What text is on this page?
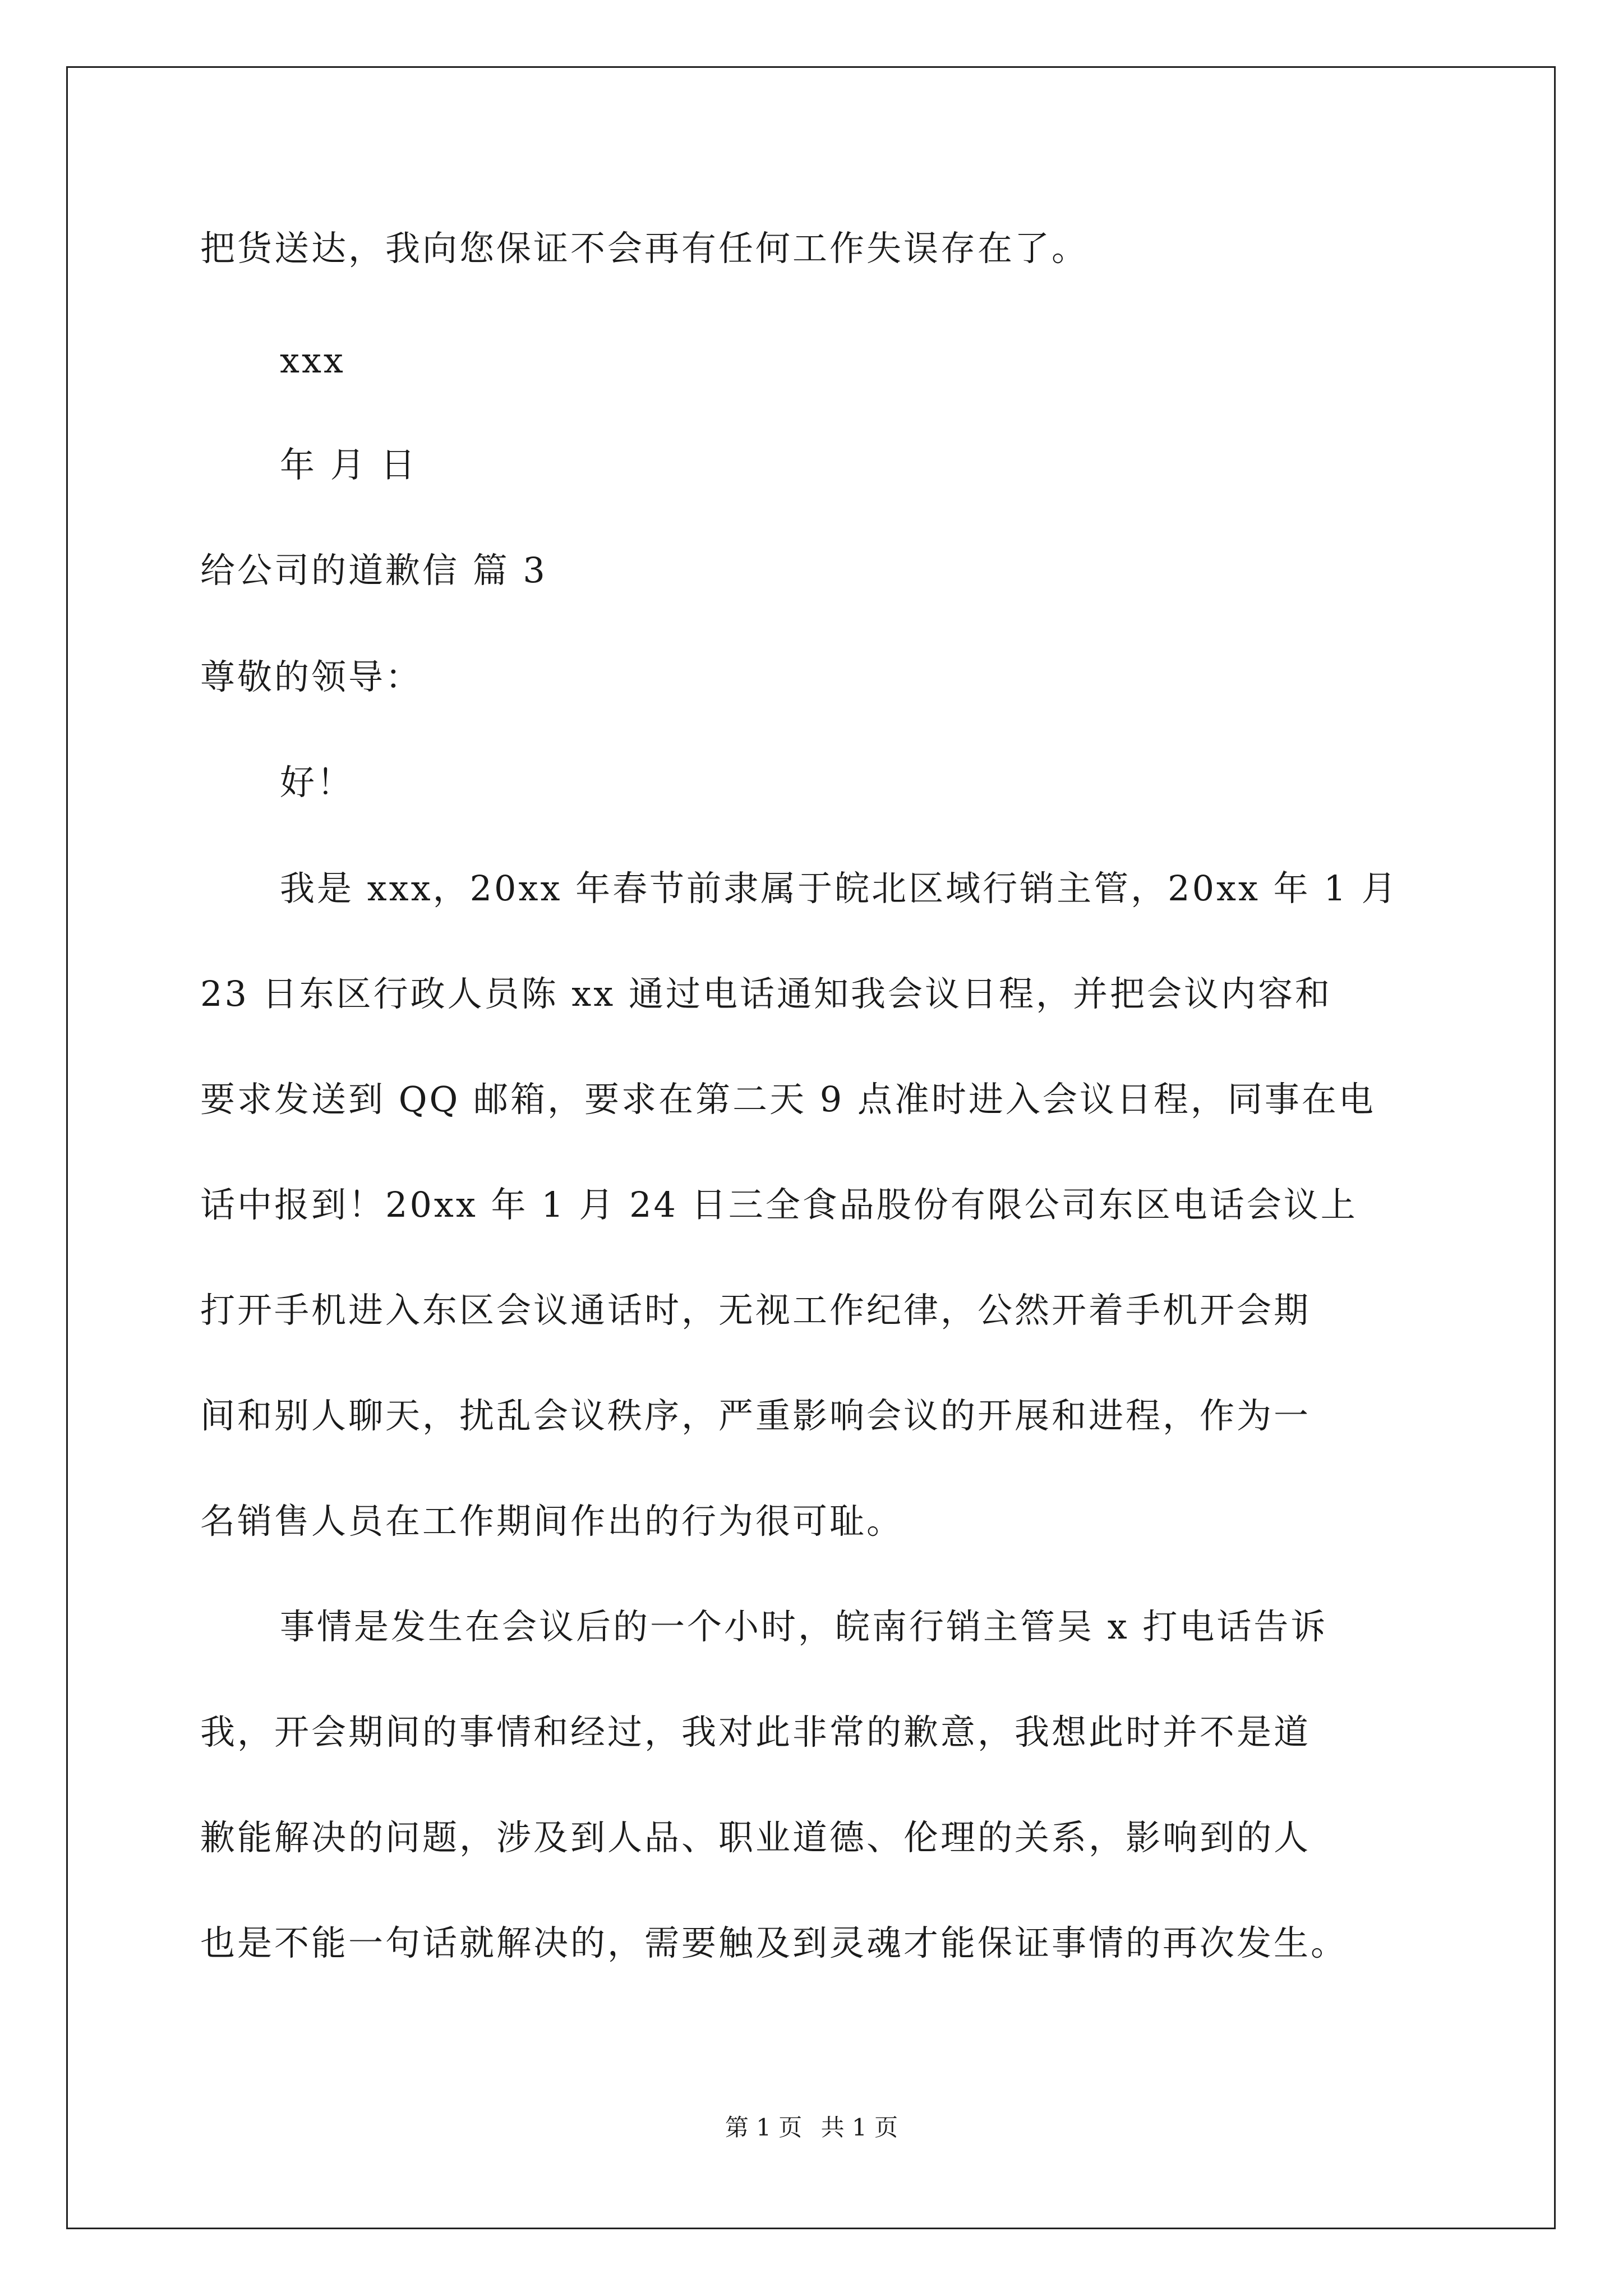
把货送达，我向您保证不会再有任何工作失误存在了。
xxx
年 月 日
给公司的道歉信 篇 3
尊敬的领导：
好！
我是 xxx，20xx 年春节前隶属于皖北区域行销主管，20xx 年 1 月
23 日东区行政人员陈 xx 通过电话通知我会议日程，并把会议内容和
要求发送到 QQ 邮箱，要求在第二天 9 点准时进入会议日程，同事在电
话中报到！20xx 年 1 月 24 日三全食品股份有限公司东区电话会议上
打开手机进入东区会议通话时，无视工作纪律，公然开着手机开会期
间和别人聊天，扰乱会议秩序，严重影响会议的开展和进程，作为一
名销售人员在工作期间作出的行为很可耻。
事情是发生在会议后的一个小时，皖南行销主管吴 x 打电话告诉
我，开会期间的事情和经过，我对此非常的歉意，我想此时并不是道
歉能解决的问题，涉及到人品、职业道德、伦理的关系，影响到的人
也是不能一句话就解决的，需要触及到灵魂才能保证事情的再次发生。
第 1 页 共 1 页
